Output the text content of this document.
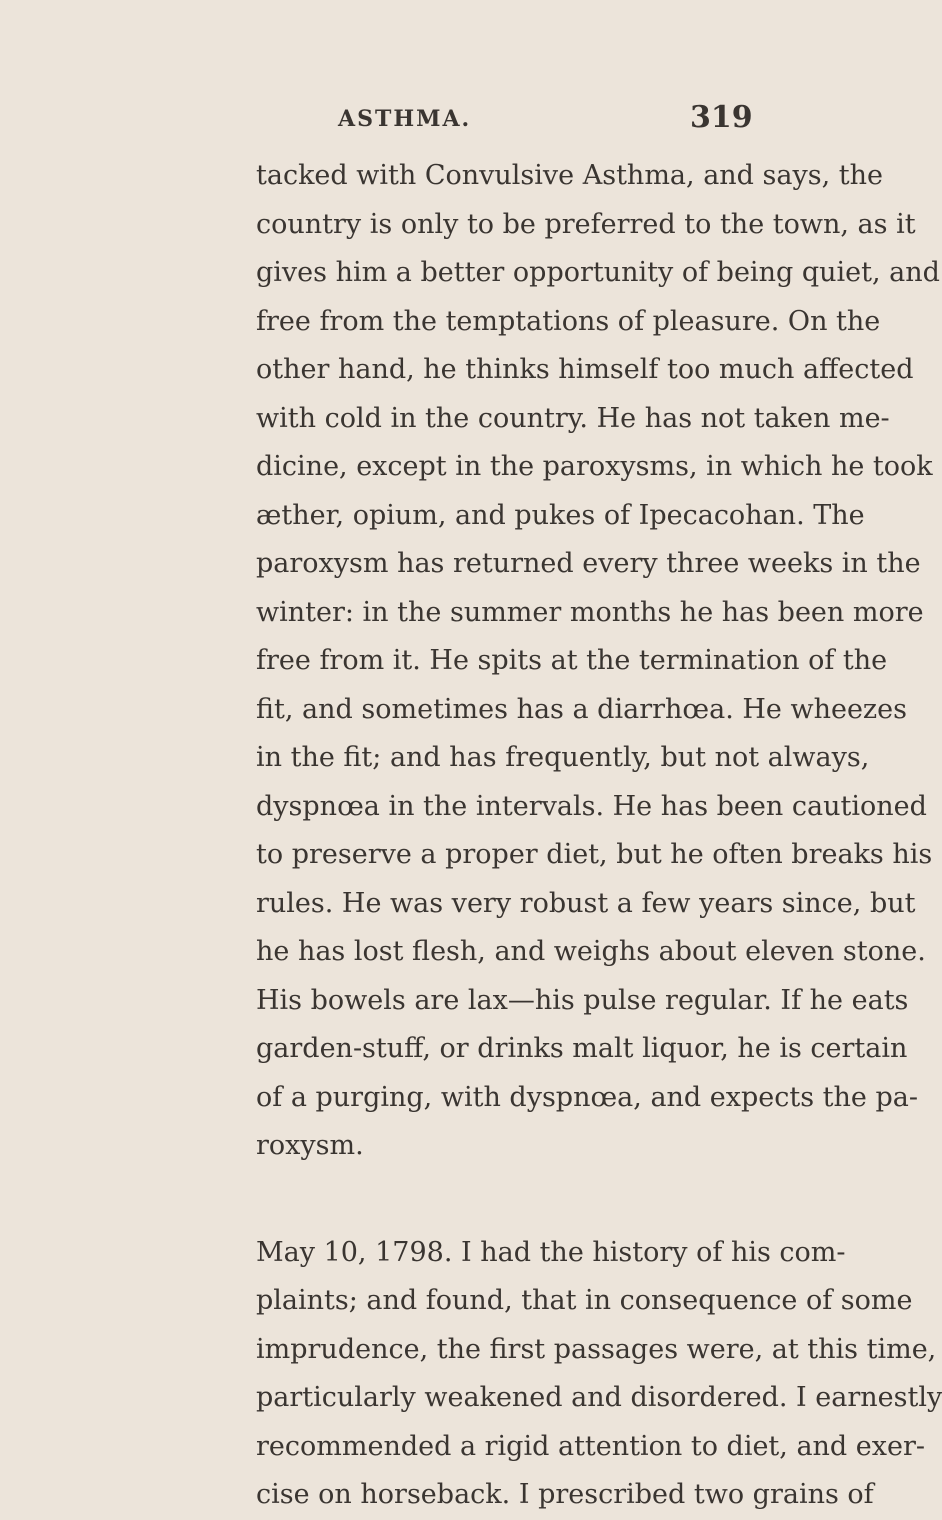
ASTHMA.	319
tacked with Convulsive Asthma, and says, the
country is only to be preferred to the town, as it
gives him a better opportunity of being quiet, and
free from the temptations of pleasure. On the
other hand, he thinks himself too much affected
with cold in the country. He has not taken me-
dicine, except in the paroxysms, in which he took
æther, opium, and pukes of Ipecacohan. The
paroxysm has returned every three weeks in the
winter: in the summer months he has been more
free from it. He spits at the termination of the
fit, and sometimes has a diarrhœa. He wheezes
in the fit; and has frequently, but not always,
dyspnœa in the intervals. He has been cautioned
to preserve a proper diet, but he often breaks his
rules. He was very robust a few years since, but
he has lost flesh, and weighs about eleven stone.
His bowels are lax—his pulse regular. If he eats
garden-stuff, or drinks malt liquor, he is certain
of a purging, with dyspnœa, and expects the pa-
roxysm.
May 10, 1798. I had the history of his com-
plaints; and found, that in consequence of some
imprudence, the first passages were, at this time,
particularly weakened and disordered. I earnestly
recommended a rigid attention to diet, and exer-
cise on horseback. I prescribed two grains of
